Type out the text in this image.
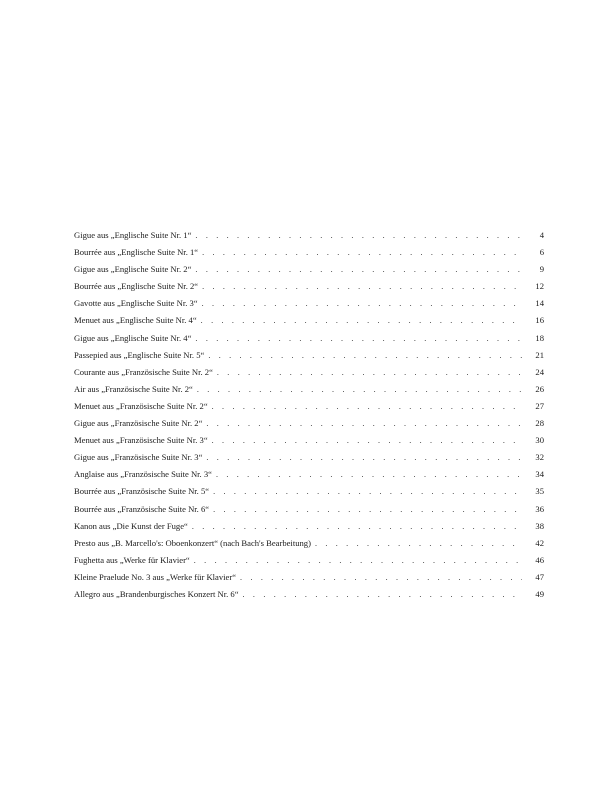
Gigue aus „Englische Suite Nr. 1“ . . .	4
Bourrée aus „Englische Suite Nr. 1“ . . .	6
Gigue aus „Englische Suite Nr. 2“ . . .	9
Bourrée aus „Englische Suite Nr. 2“ . . .	12
Gavotte aus „Englische Suite Nr. 3“ . . .	14
Menuet aus „Englische Suite Nr. 4“ . . .	16
Gigue aus „Englische Suite Nr. 4“ . . .	18
Passepied aus „Englische Suite Nr. 5“ . . .	21
Courante aus „Französische Suite Nr. 2“ . . .	24
Air aus „Französische Suite Nr. 2“ . . .	26
Menuet aus „Französische Suite Nr. 2“ . . .	27
Gigue aus „Französische Suite Nr. 2“ . . .	28
Menuet aus „Französische Suite Nr. 3“ . . .	30
Gigue aus „Französische Suite Nr. 3“ . . .	32
Anglaise aus „Französische Suite Nr. 3“ . . .	34
Bourrée aus „Französische Suite Nr. 5“ . . .	35
Bourrée aus „Französische Suite Nr. 6“ . . .	36
Kanon aus „Die Kunst der Fuge“ . . .	38
Presto aus „B. Marcello's: Oboenkonzert“ (nach Bach's Bearbeitung) . . .	42
Fughetta aus „Werke für Klavier“ . . .	46
Kleine Praelude No. 3 aus „Werke für Klavier“ . . .	47
Allegro aus „Brandenburgisches Konzert Nr. 6“ . . .	49
